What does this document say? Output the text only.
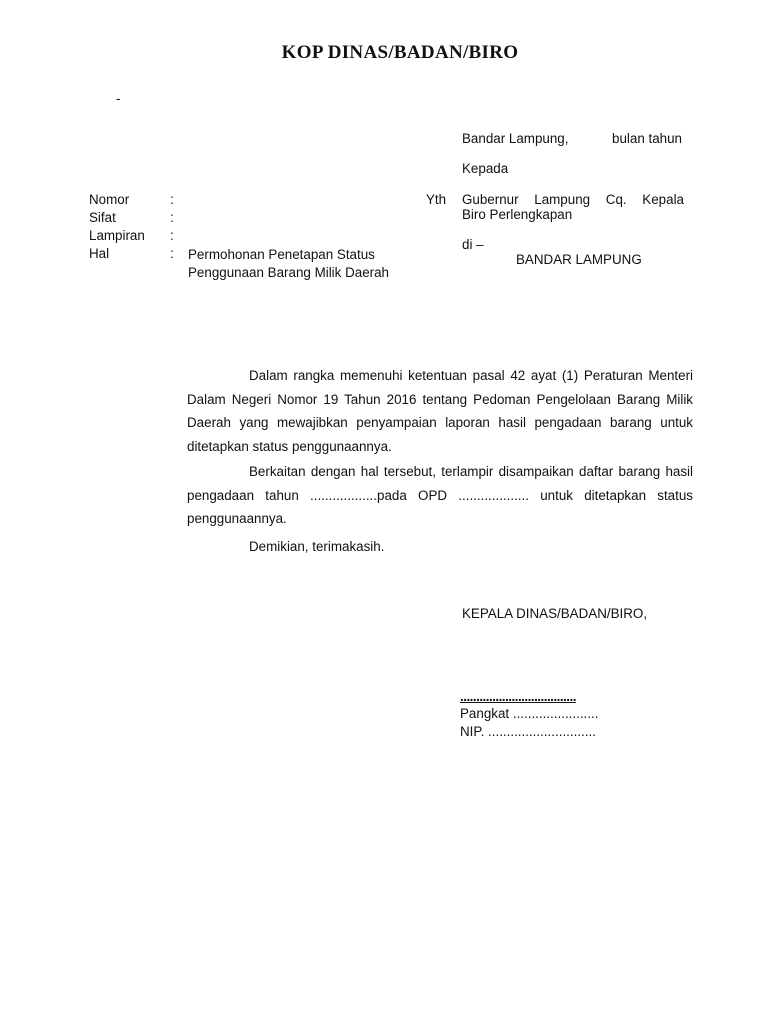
KOP DINAS/BADAN/BIRO
-
Bandar Lampung,	bulan tahun
Kepada
Yth Gubernur Lampung Cq. Kepala
Biro Perlengkapan
di –
BANDAR LAMPUNG
Nomor	:
Sifat	:
Lampiran :
Hal	: Permohonan Penetapan Status Penggunaan Barang Milik Daerah
Dalam rangka memenuhi ketentuan pasal 42 ayat (1) Peraturan Menteri Dalam Negeri Nomor 19 Tahun 2016 tentang Pedoman Pengelolaan Barang Milik Daerah yang mewajibkan penyampaian laporan hasil pengadaan barang untuk ditetapkan status penggunaannya.
Berkaitan dengan hal tersebut, terlampir disampaikan daftar barang hasil pengadaan tahun ..................pada OPD ................... untuk ditetapkan status penggunaannya.
Demikian, terimakasih.
KEPALA DINAS/BADAN/BIRO,
....................................
Pangkat .......................
NIP. .............................
